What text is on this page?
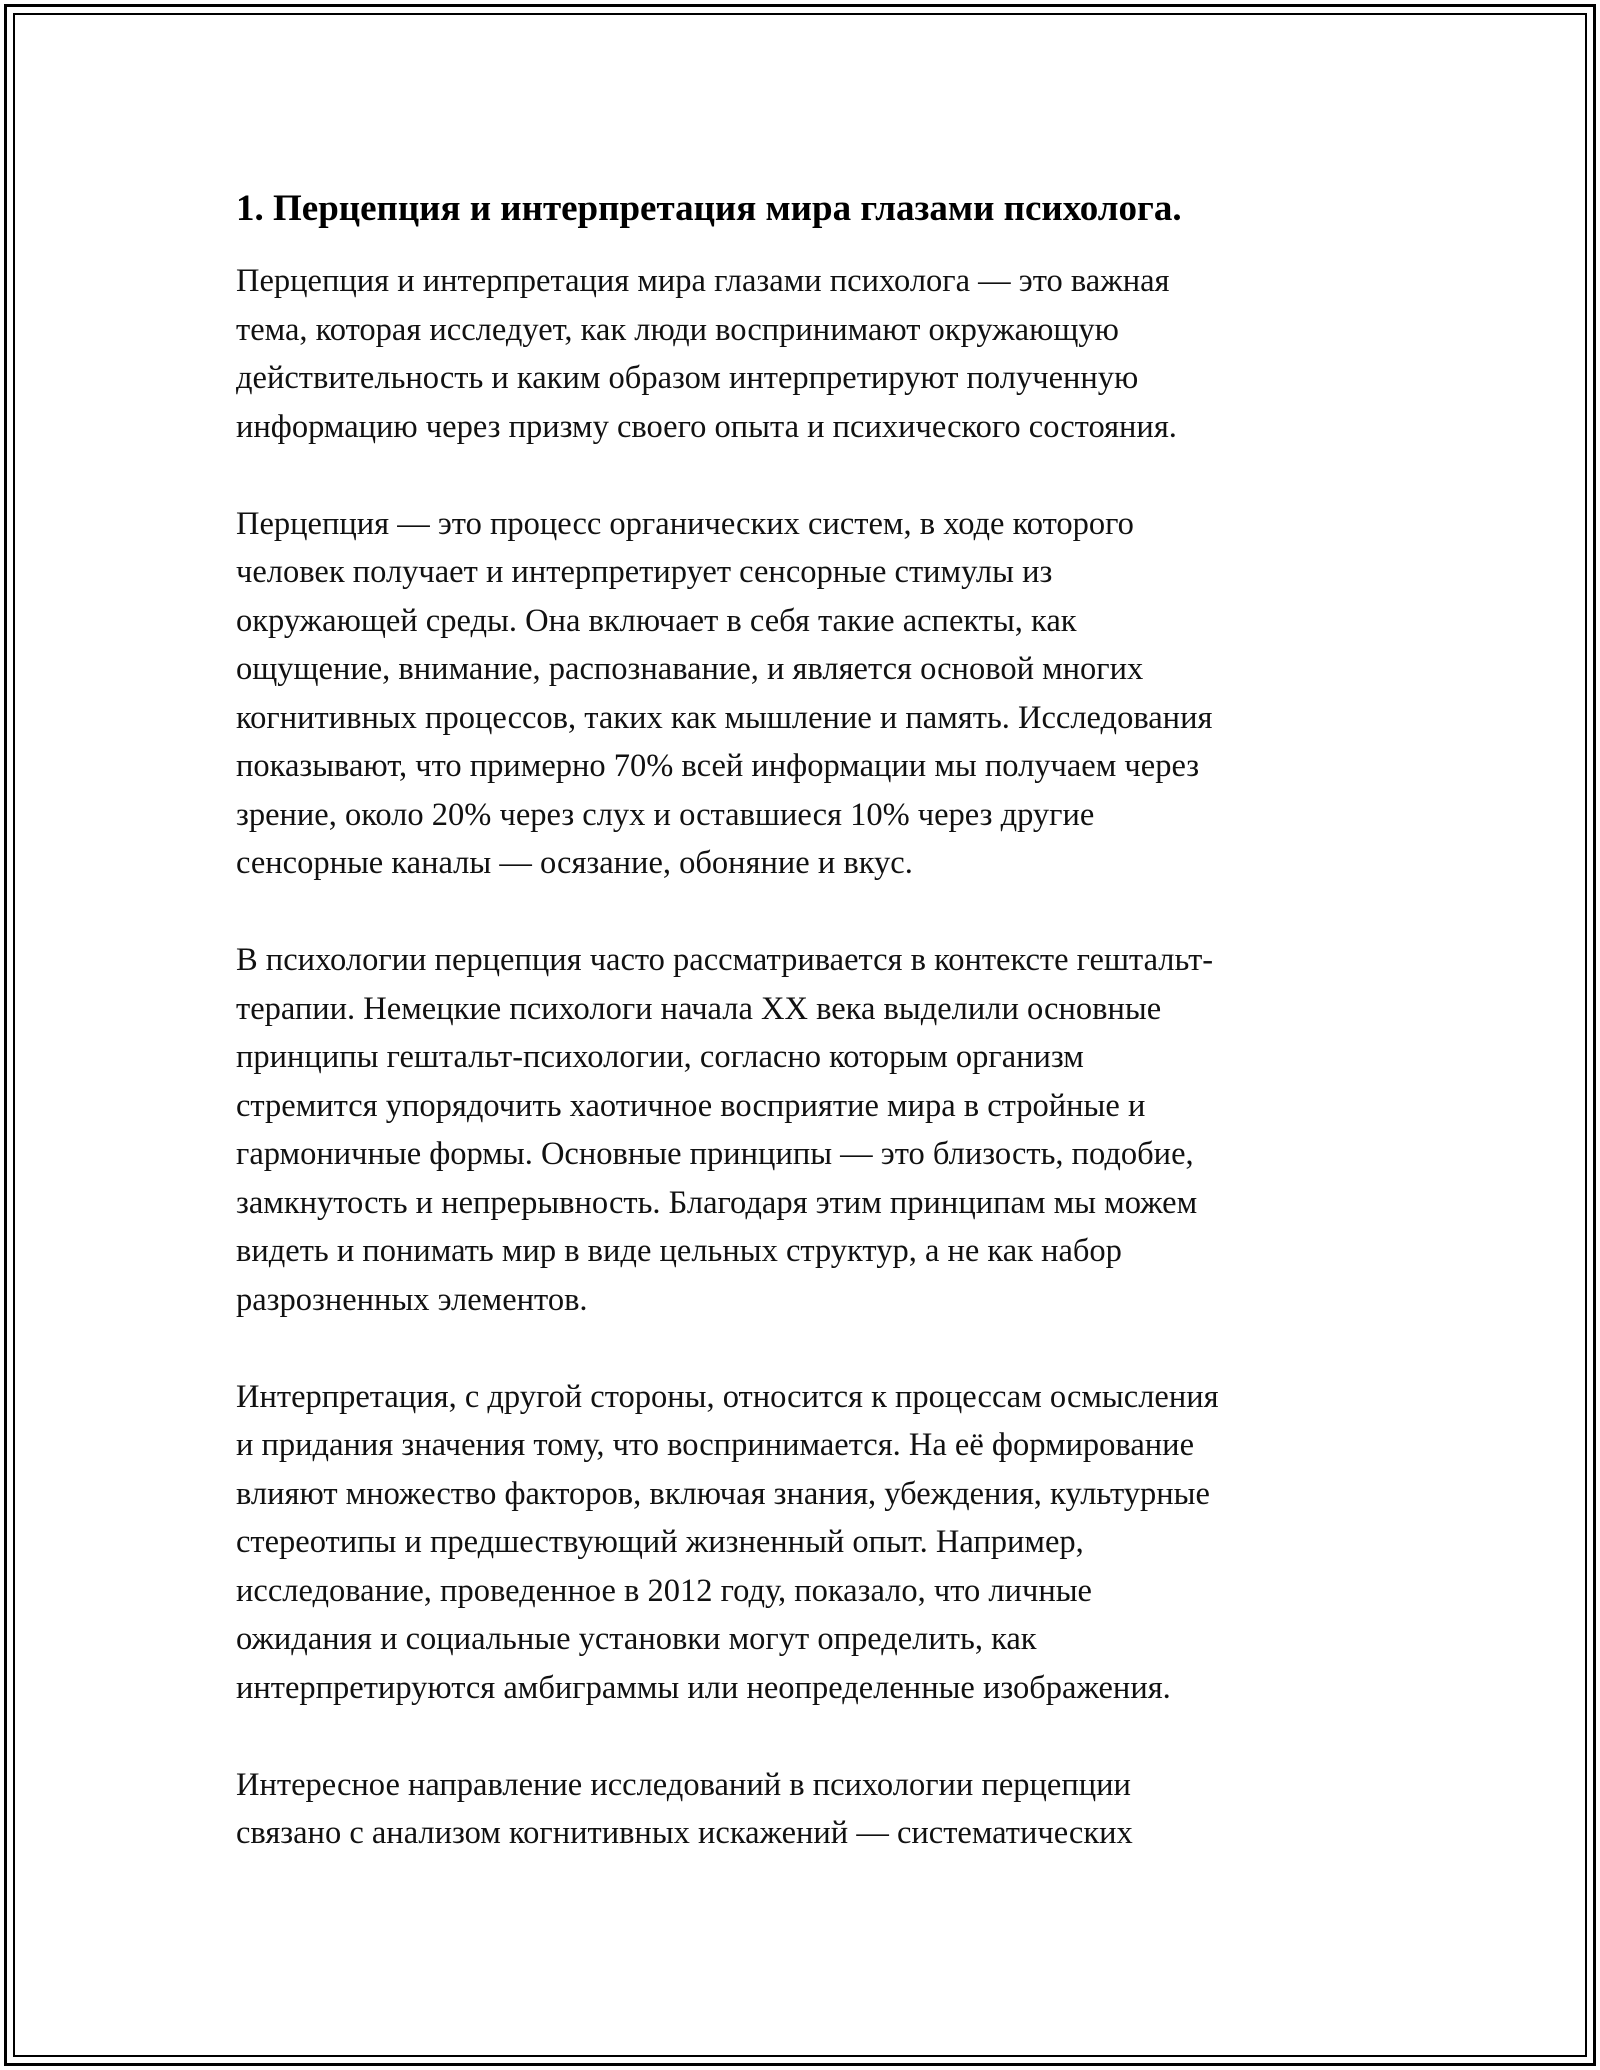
1. Перцепция и интерпретация мира глазами психолога.

Перцепция и интерпретация мира глазами психолога — это важная
тема, которая исследует, как люди воспринимают окружающую
действительность и каким образом интерпретируют полученную
информацию через призму своего опыта и психического состояния.

Перцепция — это процесс органических систем, в ходе которого
человек получает и интерпретирует сенсорные стимулы из
окружающей среды. Она включает в себя такие аспекты, как
ощущение, внимание, распознавание, и является основой многих
когнитивных процессов, таких как мышление и память. Исследования
показывают, что примерно 70% всей информации мы получаем через
зрение, около 20% через слух и оставшиеся 10% через другие
сенсорные каналы — осязание, обоняние и вкус.

В психологии перцепция часто рассматривается в контексте гештальт-
терапии. Немецкие психологи начала XX века выделили основные
принципы гештальт-психологии, согласно которым организм
стремится упорядочить хаотичное восприятие мира в стройные и
гармоничные формы. Основные принципы — это близость, подобие,
замкнутость и непрерывность. Благодаря этим принципам мы можем
видеть и понимать мир в виде цельных структур, а не как набор
разрозненных элементов.

Интерпретация, с другой стороны, относится к процессам осмысления
и придания значения тому, что воспринимается. На её формирование
влияют множество факторов, включая знания, убеждения, культурные
стереотипы и предшествующий жизненный опыт. Например,
исследование, проведенное в 2012 году, показало, что личные
ожидания и социальные установки могут определить, как
интерпретируются амбиграммы или неопределенные изображения.

Интересное направление исследований в психологии перцепции
связано с анализом когнитивных искажений — систематических
